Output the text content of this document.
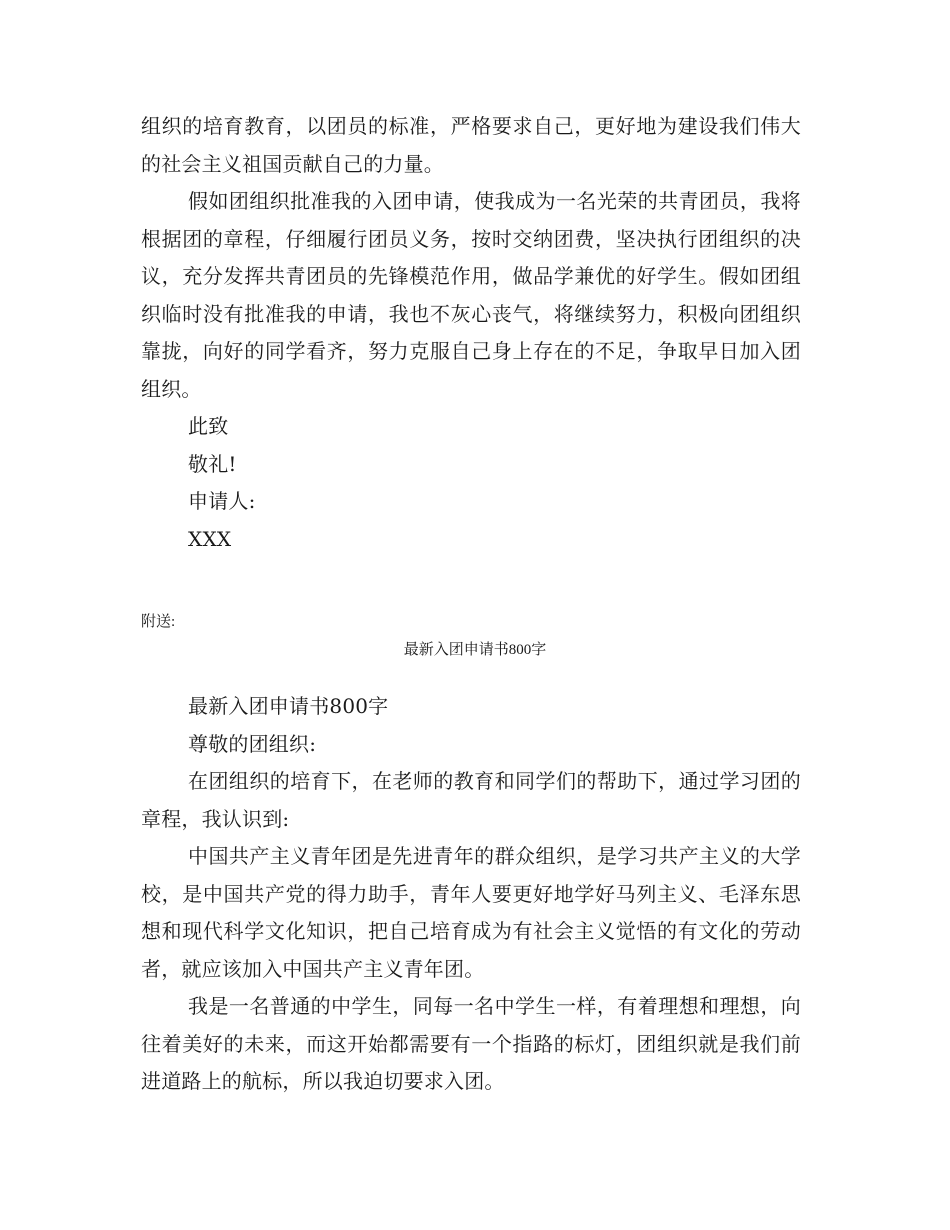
组织的培育教育，以团员的标准，严格要求自己，更好地为建设我们伟大的社会主义祖国贡献自己的力量。

假如团组织批准我的入团申请，使我成为一名光荣的共青团员，我将根据团的章程，仔细履行团员义务，按时交纳团费，坚决执行团组织的决议，充分发挥共青团员的先锋模范作用，做品学兼优的好学生。假如团组织临时没有批准我的申请，我也不灰心丧气，将继续努力，积极向团组织靠拢，向好的同学看齐，努力克服自己身上存在的不足，争取早日加入团组织。

此致

敬礼!

申请人:

XXX

附送:
最新入团申请书800字

最新入团申请书800字

尊敬的团组织:

在团组织的培育下，在老师的教育和同学们的帮助下，通过学习团的章程，我认识到:

中国共产主义青年团是先进青年的群众组织，是学习共产主义的大学校，是中国共产党的得力助手，青年人要更好地学好马列主义、毛泽东思想和现代科学文化知识，把自己培育成为有社会主义觉悟的有文化的劳动者，就应该加入中国共产主义青年团。

我是一名普通的中学生，同每一名中学生一样，有着理想和理想，向往着美好的未来，而这开始都需要有一个指路的标灯，团组织就是我们前进道路上的航标，所以我迫切要求入团。
